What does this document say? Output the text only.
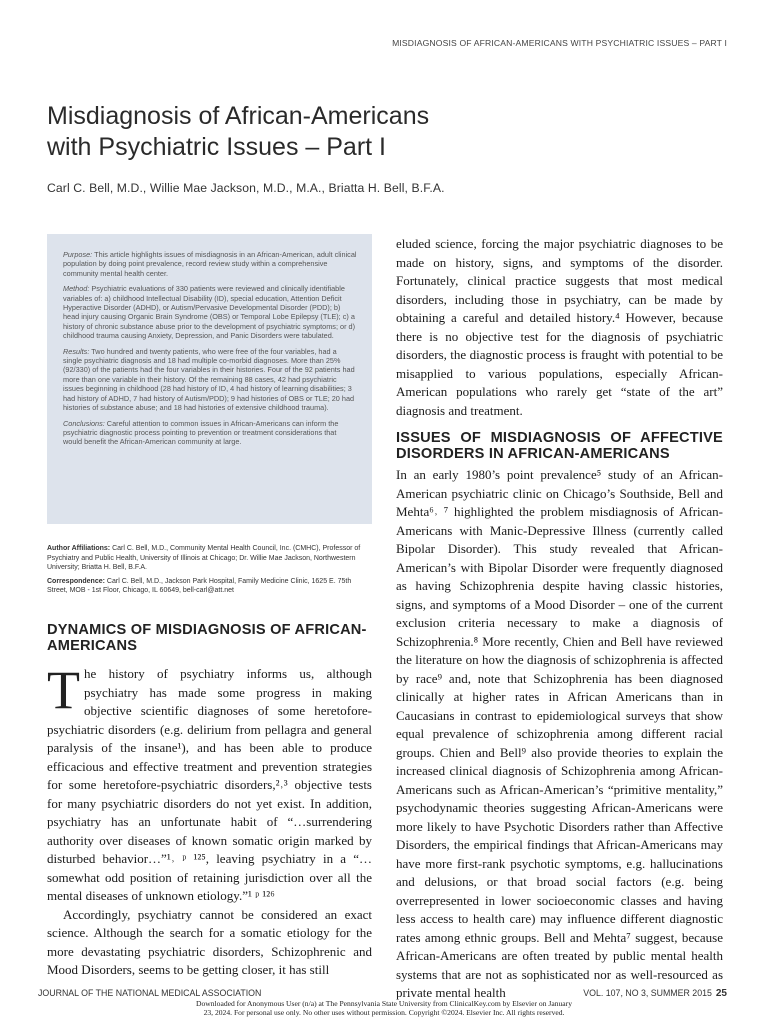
MISDIAGNOSIS OF AFRICAN-AMERICANS WITH PSYCHIATRIC ISSUES – PART I
Misdiagnosis of African-Americans
with Psychiatric Issues – Part I
Carl C. Bell, M.D., Willie Mae Jackson, M.D., M.A., Briatta H. Bell, B.F.A.

Purpose: This article highlights issues of misdiagnosis in an African-American, adult clinical population by doing point prevalence, record review study within a comprehensive community mental health center.

Method: Psychiatric evaluations of 330 patients were reviewed and clinically identifiable variables of: a) childhood Intellectual Disability (ID), special education, Attention Deficit Hyperactive Disorder (ADHD), or Autism/Pervasive Developmental Disorder (PDD); b) head injury causing Organic Brain Syndrome (OBS) or Temporal Lobe Epilepsy (TLE); c) a history of chronic substance abuse prior to the development of psychiatric symptoms; or d) childhood trauma causing Anxiety, Depression, and Panic Disorders were tabulated.

Results: Two hundred and twenty patients, who were free of the four variables, had a single psychiatric diagnosis and 18 had multiple co-morbid diagnoses. More than 25% (92/330) of the patients had the four variables in their histories. Four of the 92 patients had more than one variable in their history. Of the remaining 88 cases, 42 had psychiatric issues beginning in childhood (28 had history of ID, 4 had history of learning disabilities; 3 had history of ADHD, 7 had history of Autism/PDD); 9 had histories of OBS or TLE; 20 had histories of substance abuse; and 18 had histories of extensive childhood trauma).

Conclusions: Careful attention to common issues in African-Americans can inform the psychiatric diagnostic process pointing to prevention or treatment considerations that would benefit the African-American community at large.

Author Affiliations: Carl C. Bell, M.D., Community Mental Health Council, Inc. (CMHC), Professor of Psychiatry and Public Health, University of Illinois at Chicago; Dr. Willie Mae Jackson, Northwestern University; Briatta H. Bell, B.F.A.

Correspondence: Carl C. Bell, M.D., Jackson Park Hospital, Family Medicine Clinic, 1625 E. 75th Street, MOB - 1st Floor, Chicago, IL 60649, bell-carl@att.net

DYNAMICS OF MISDIAGNOSIS OF AFRICAN-AMERICANS

The history of psychiatry informs us, although psychiatry has made some progress in making objective scientific diagnoses of some heretofore-psychiatric disorders (e.g. delirium from pellagra and general paralysis of the insane¹), and has been able to produce efficacious and effective treatment and prevention strategies for some heretofore-psychiatric disorders,²˒³ objective tests for many psychiatric disorders do not yet exist. In addition, psychiatry has an unfortunate habit of “…surrendering authority over diseases of known somatic origin marked by disturbed behavior…”¹˒ ᵖ ¹²⁵, leaving psychiatry in a “…somewhat odd position of retaining jurisdiction over all the mental diseases of unknown etiology.”¹ ᵖ ¹²⁶

Accordingly, psychiatry cannot be considered an exact science. Although the search for a somatic etiology for the more devastating psychiatric disorders, Schizophrenic and Mood Disorders, seems to be getting closer, it has still

eluded science, forcing the major psychiatric diagnoses to be made on history, signs, and symptoms of the disorder. Fortunately, clinical practice suggests that most medical disorders, including those in psychiatry, can be made by obtaining a careful and detailed history.⁴ However, because there is no objective test for the diagnosis of psychiatric disorders, the diagnostic process is fraught with potential to be misapplied to various populations, especially African-American populations who rarely get “state of the art” diagnosis and treatment.

ISSUES OF MISDIAGNOSIS OF AFFECTIVE DISORDERS IN AFRICAN-AMERICANS

In an early 1980’s point prevalence⁵ study of an African-American psychiatric clinic on Chicago’s Southside, Bell and Mehta⁶˒ ⁷ highlighted the problem misdiagnosis of African-Americans with Manic-Depressive Illness (currently called Bipolar Disorder). This study revealed that African-American’s with Bipolar Disorder were frequently diagnosed as having Schizophrenia despite having classic histories, signs, and symptoms of a Mood Disorder – one of the current exclusion criteria necessary to make a diagnosis of Schizophrenia.⁸ More recently, Chien and Bell have reviewed the literature on how the diagnosis of schizophrenia is affected by race⁹ and, note that Schizophrenia has been diagnosed clinically at higher rates in African Americans than in Caucasians in contrast to epidemiological surveys that show equal prevalence of schizophrenia among different racial groups. Chien and Bell⁹ also provide theories to explain the increased clinical diagnosis of Schizophrenia among African-Americans such as African-American’s “primitive mentality,” psychodynamic theories suggesting African-Americans were more likely to have Psychotic Disorders rather than Affective Disorders, the empirical findings that African-Americans may have more first-rank psychotic symptoms, e.g. hallucinations and delusions, or that broad social factors (e.g. being overrepresented in lower socioeconomic classes and having less access to health care) may influence different diagnostic rates among ethnic groups. Bell and Mehta⁷ suggest, because African-Americans are often treated by public mental health systems that are not as sophisticated nor as well-resourced as private mental health

JOURNAL OF THE NATIONAL MEDICAL ASSOCIATION	VOL. 107, NO 3, SUMMER 2015 25
Downloaded for Anonymous User (n/a) at The Pennsylvania State University from ClinicalKey.com by Elsevier on January
23, 2024. For personal use only. No other uses without permission. Copyright ©2024. Elsevier Inc. All rights reserved.
